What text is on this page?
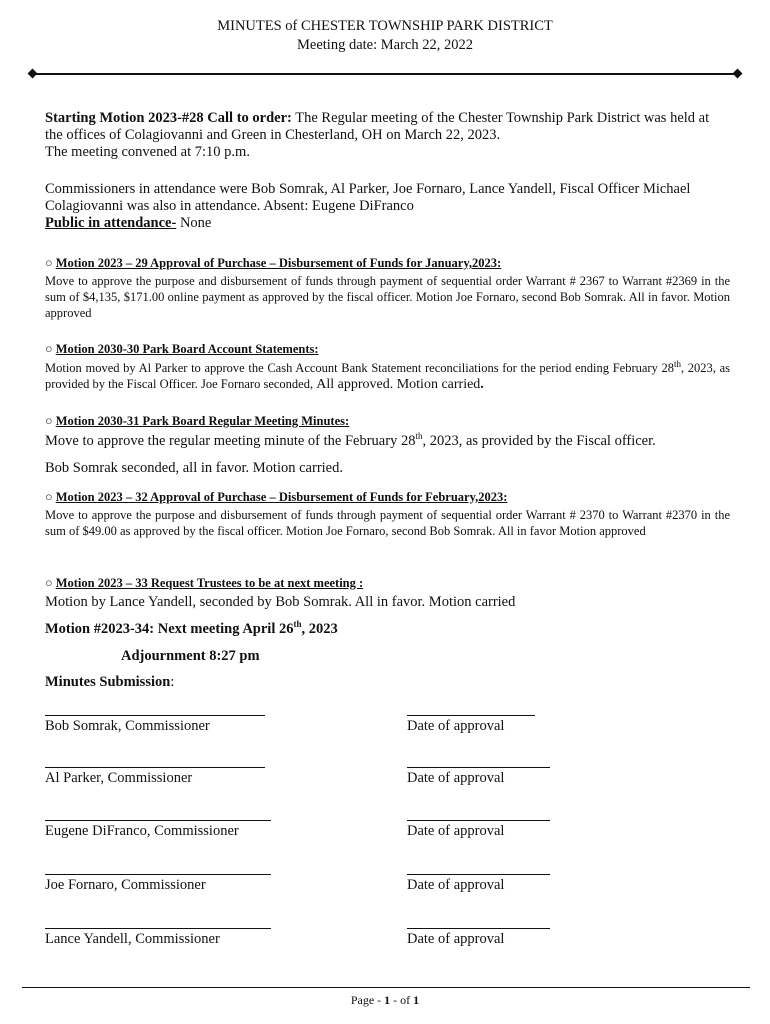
MINUTES of CHESTER TOWNSHIP PARK DISTRICT
Meeting date: March 22, 2022
Starting Motion 2023-#28 Call to order: The Regular meeting of the Chester Township Park District was held at the offices of Colagiovanni and Green in Chesterland, OH on March 22, 2023.
The meeting convened at 7:10 p.m.
Commissioners in attendance were Bob Somrak, Al Parker, Joe Fornaro, Lance Yandell, Fiscal Officer Michael Colagiovanni was also in attendance. Absent: Eugene DiFranco
Public in attendance- None
○ Motion 2023 – 29 Approval of Purchase – Disbursement of Funds for January,2023:
Move to approve the purpose and disbursement of funds through payment of sequential order Warrant # 2367 to Warrant #2369 in the sum of $4,135, $171.00 online payment as approved by the fiscal officer. Motion Joe Fornaro, second Bob Somrak. All in favor. Motion approved
○ Motion 2030-30 Park Board Account Statements:
Motion moved by Al Parker to approve the Cash Account Bank Statement reconciliations for the period ending February 28th, 2023, as provided by the Fiscal Officer. Joe Fornaro seconded, All approved. Motion carried.
○ Motion 2030-31 Park Board Regular Meeting Minutes:
Move to approve the regular meeting minute of the February 28th, 2023, as provided by the Fiscal officer.
Bob Somrak seconded, all in favor. Motion carried.
○ Motion 2023 – 32 Approval of Purchase – Disbursement of Funds for February,2023:
Move to approve the purpose and disbursement of funds through payment of sequential order Warrant # 2370 to Warrant #2370 in the sum of $49.00 as approved by the fiscal officer. Motion Joe Fornaro, second Bob Somrak. All in favor Motion approved
○ Motion 2023 – 33 Request Trustees to be at next meeting :
Motion by Lance Yandell, seconded by Bob Somrak. All in favor. Motion carried
Motion #2023-34: Next meeting April 26th, 2023
Adjournment 8:27 pm
Minutes Submission:
Bob Somrak, Commissioner	Date of approval
Al Parker, Commissioner	Date of approval
Eugene DiFranco, Commissioner	Date of approval
Joe Fornaro, Commissioner	Date of approval
Lance Yandell, Commissioner	Date of approval
Page - 1 - of 1
